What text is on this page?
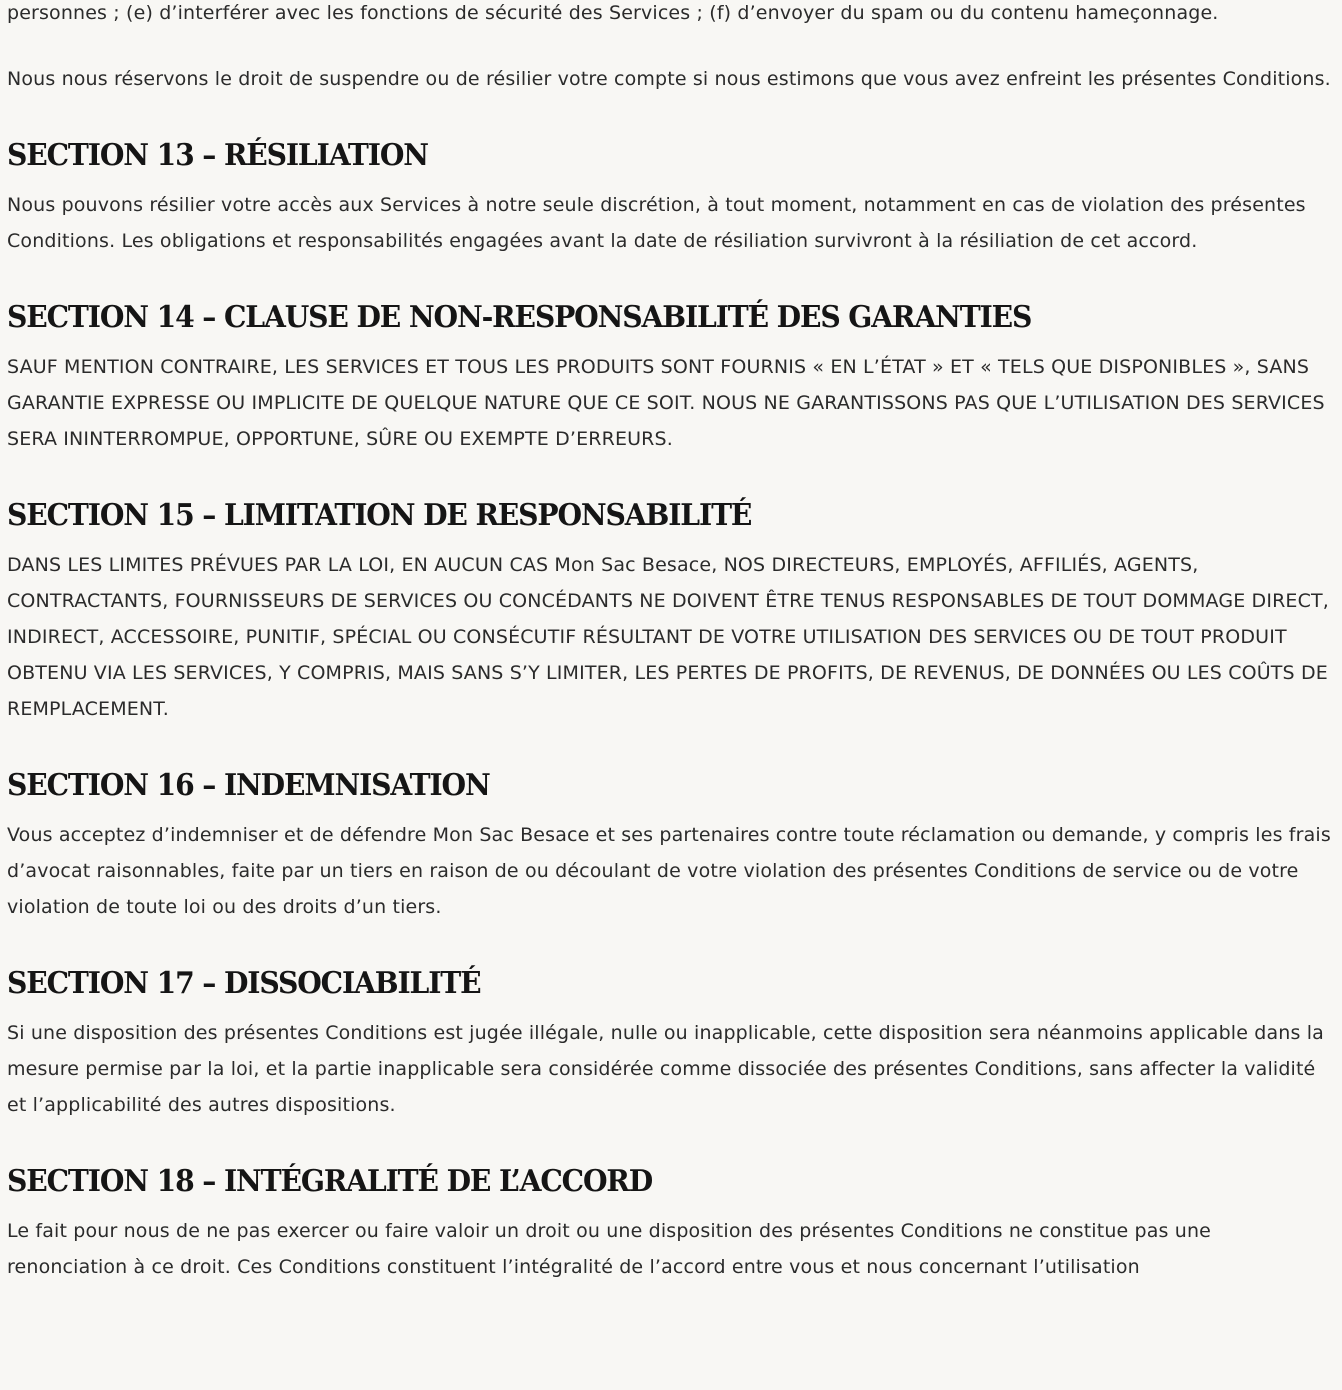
personnes ; (e) d’interférer avec les fonctions de sécurité des Services ; (f) d’envoyer du spam ou du contenu hameçonnage.

Nous nous réservons le droit de suspendre ou de résilier votre compte si nous estimons que vous avez enfreint les présentes Conditions.

SECTION 13 – RÉSILIATION

Nous pouvons résilier votre accès aux Services à notre seule discrétion, à tout moment, notamment en cas de violation des présentes Conditions. Les obligations et responsabilités engagées avant la date de résiliation survivront à la résiliation de cet accord.

SECTION 14 – CLAUSE DE NON-RESPONSABILITÉ DES GARANTIES

SAUF MENTION CONTRAIRE, LES SERVICES ET TOUS LES PRODUITS SONT FOURNIS « EN L’ÉTAT » ET « TELS QUE DISPONIBLES », SANS GARANTIE EXPRESSE OU IMPLICITE DE QUELQUE NATURE QUE CE SOIT. NOUS NE GARANTISSONS PAS QUE L’UTILISATION DES SERVICES SERA ININTERROMPUE, OPPORTUNE, SÛRE OU EXEMPTE D’ERREURS.

SECTION 15 – LIMITATION DE RESPONSABILITÉ

DANS LES LIMITES PRÉVUES PAR LA LOI, EN AUCUN CAS Mon Sac Besace, NOS DIRECTEURS, EMPLOYÉS, AFFILIÉS, AGENTS, CONTRACTANTS, FOURNISSEURS DE SERVICES OU CONCÉDANTS NE DOIVENT ÊTRE TENUS RESPONSABLES DE TOUT DOMMAGE DIRECT, INDIRECT, ACCESSOIRE, PUNITIF, SPÉCIAL OU CONSÉCUTIF RÉSULTANT DE VOTRE UTILISATION DES SERVICES OU DE TOUT PRODUIT OBTENU VIA LES SERVICES, Y COMPRIS, MAIS SANS S’Y LIMITER, LES PERTES DE PROFITS, DE REVENUS, DE DONNÉES OU LES COÛTS DE REMPLACEMENT.

SECTION 16 – INDEMNISATION

Vous acceptez d’indemniser et de défendre Mon Sac Besace et ses partenaires contre toute réclamation ou demande, y compris les frais d’avocat raisonnables, faite par un tiers en raison de ou découlant de votre violation des présentes Conditions de service ou de votre violation de toute loi ou des droits d’un tiers.

SECTION 17 – DISSOCIABILITÉ

Si une disposition des présentes Conditions est jugée illégale, nulle ou inapplicable, cette disposition sera néanmoins applicable dans la mesure permise par la loi, et la partie inapplicable sera considérée comme dissociée des présentes Conditions, sans affecter la validité et l’applicabilité des autres dispositions.

SECTION 18 – INTÉGRALITÉ DE L’ACCORD

Le fait pour nous de ne pas exercer ou faire valoir un droit ou une disposition des présentes Conditions ne constitue pas une renonciation à ce droit. Ces Conditions constituent l’intégralité de l’accord entre vous et nous concernant l’utilisation
